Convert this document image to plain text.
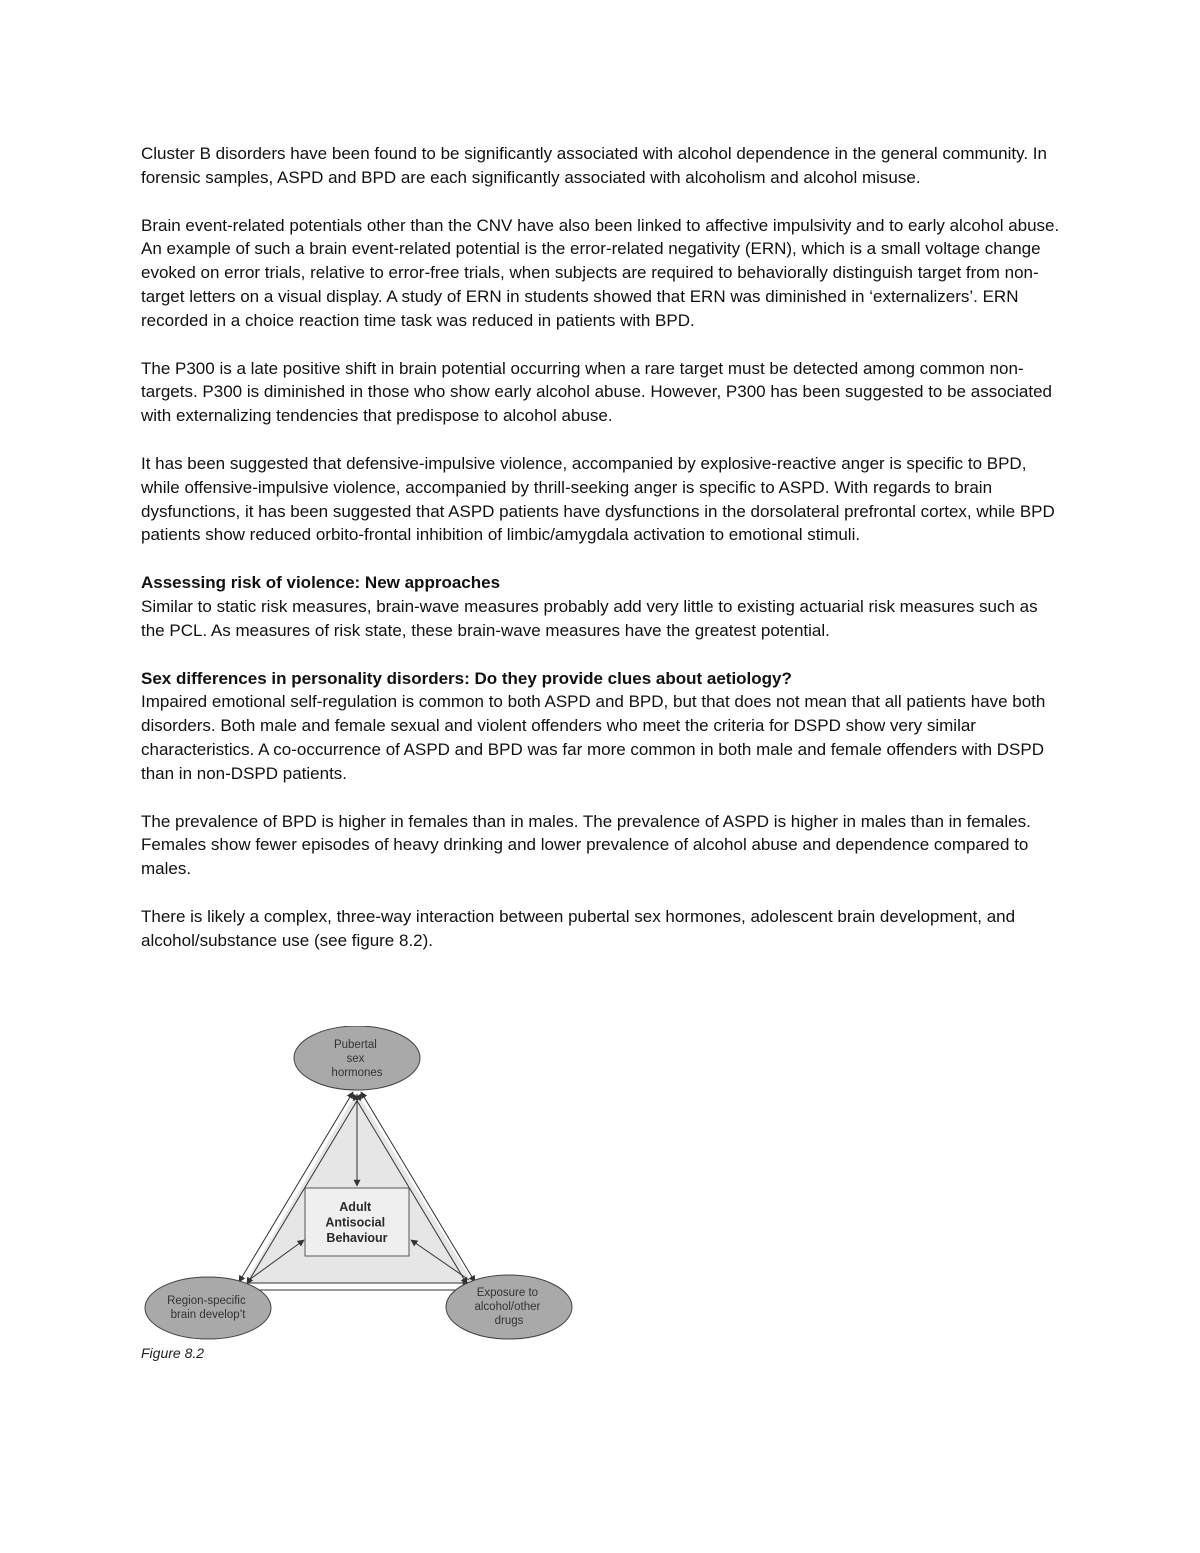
Cluster B disorders have been found to be significantly associated with alcohol dependence in the general community. In forensic samples, ASPD and BPD are each significantly associated with alcoholism and alcohol misuse.

Brain event-related potentials other than the CNV have also been linked to affective impulsivity and to early alcohol abuse. An example of such a brain event-related potential is the error-related negativity (ERN), which is a small voltage change evoked on error trials, relative to error-free trials, when subjects are required to behaviorally distinguish target from non-target letters on a visual display. A study of ERN in students showed that ERN was diminished in ‘externalizers’. ERN recorded in a choice reaction time task was reduced in patients with BPD.

The P300 is a late positive shift in brain potential occurring when a rare target must be detected among common non-targets. P300 is diminished in those who show early alcohol abuse. However, P300 has been suggested to be associated with externalizing tendencies that predispose to alcohol abuse.

It has been suggested that defensive-impulsive violence, accompanied by explosive-reactive anger is specific to BPD, while offensive-impulsive violence, accompanied by thrill-seeking anger is specific to ASPD. With regards to brain dysfunctions, it has been suggested that ASPD patients have dysfunctions in the dorsolateral prefrontal cortex, while BPD patients show reduced orbito-frontal inhibition of limbic/amygdala activation to emotional stimuli.

Assessing risk of violence: New approaches

Similar to static risk measures, brain-wave measures probably add very little to existing actuarial risk measures such as the PCL. As measures of risk state, these brain-wave measures have the greatest potential.

Sex differences in personality disorders: Do they provide clues about aetiology?

Impaired emotional self-regulation is common to both ASPD and BPD, but that does not mean that all patients have both disorders. Both male and female sexual and violent offenders who meet the criteria for DSPD show very similar characteristics. A co-occurrence of ASPD and BPD was far more common in both male and female offenders with DSPD than in non-DSPD patients.

The prevalence of BPD is higher in females than in males. The prevalence of ASPD is higher in males than in females. Females show fewer episodes of heavy drinking and lower prevalence of alcohol abuse and dependence compared to males.

There is likely a complex, three-way interaction between pubertal sex hormones, adolescent brain development, and alcohol/substance use (see figure 8.2).

Adult Antisocial Behaviour
Pubertal sex hormones
Region-specific brain develop’t
Exposure to alcohol/other drugs
Figure 8.2
